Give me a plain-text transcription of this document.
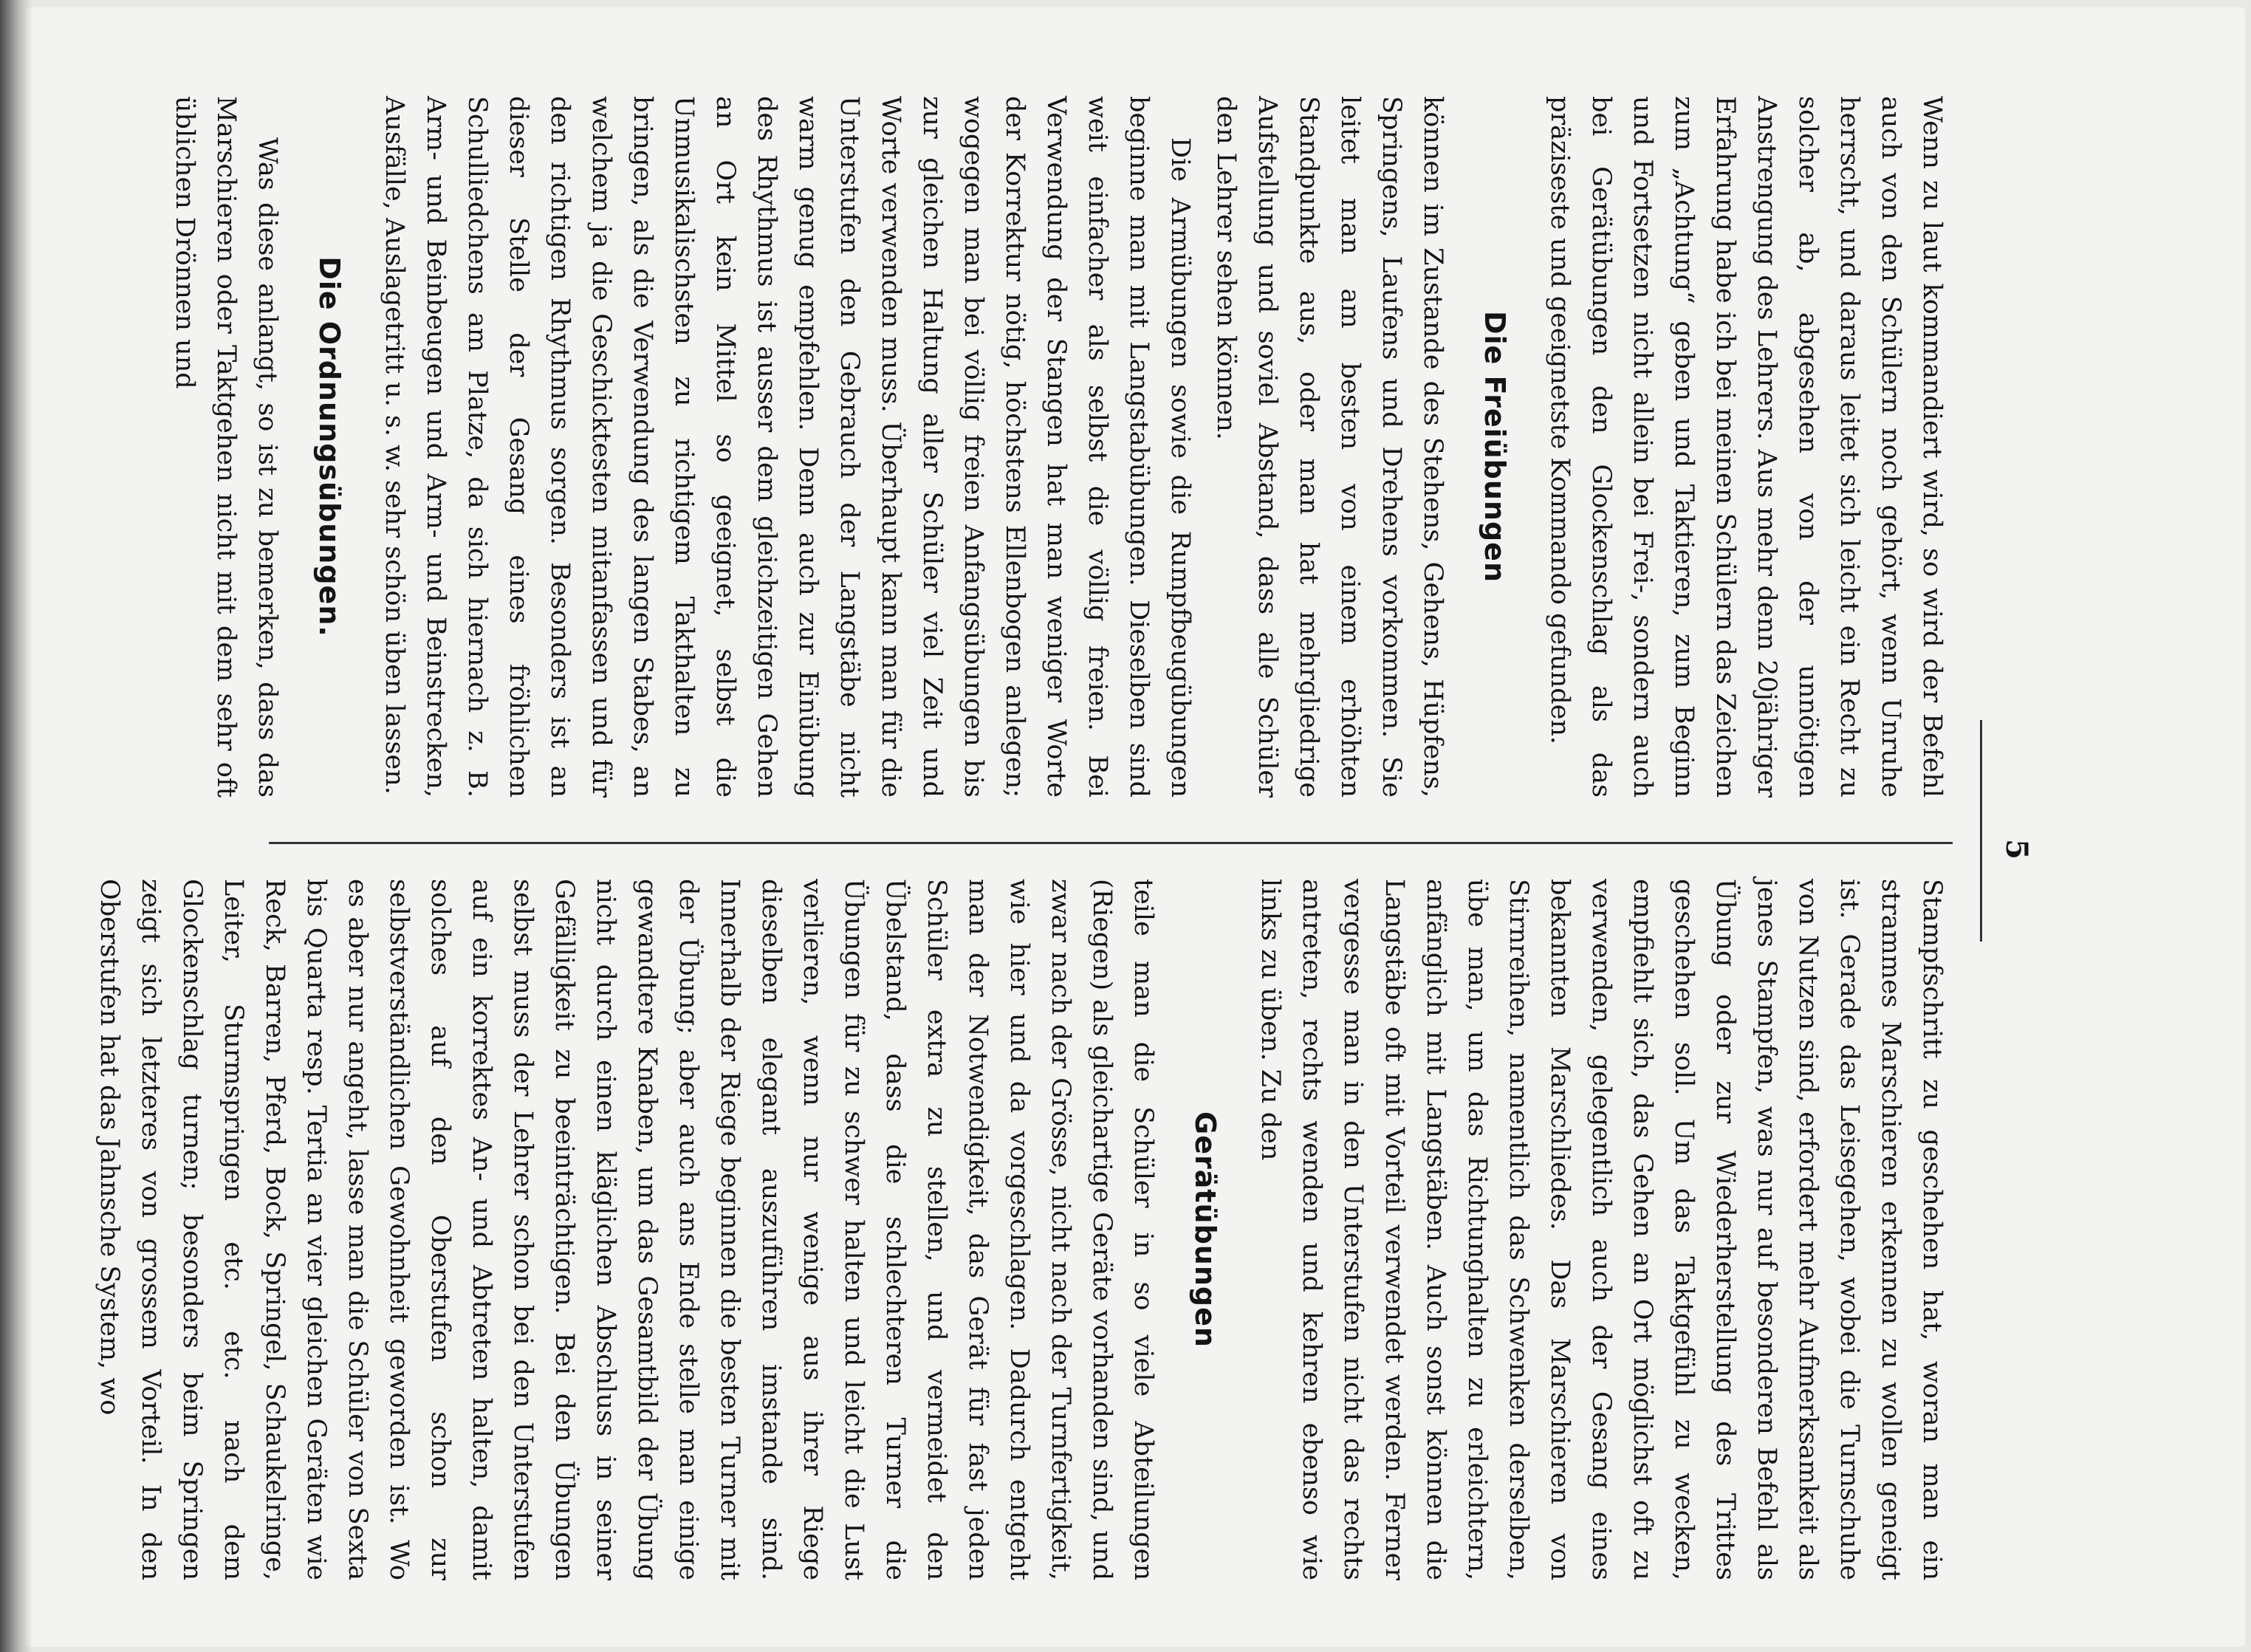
5

Wenn zu laut kommandiert wird, so wird der Befehl auch von den Schülern noch gehört, wenn Unruhe herrscht, und daraus leitet sich leicht ein Recht zu solcher ab, abgesehen von der unnötigen Anstrengung des Lehrers. Aus mehr denn 20jähriger Erfahrung habe ich bei meinen Schülern das Zeichen zum „Achtung“ geben und Taktieren, zum Beginn und Fortsetzen nicht allein bei Frei-, sondern auch bei Gerätübungen den Glockenschlag als das präziseste und geeignetste Kommando gefunden.

Die Freiübungen

können im Zustande des Stehens, Gehens, Hüpfens, Springens, Laufens und Drehens vorkommen. Sie leitet man am besten von einem erhöhten Standpunkte aus, oder man hat mehrgliedrige Aufstellung und soviel Abstand, dass alle Schüler den Lehrer sehen können.

Die Armübungen sowie die Rumpfbeugübungen beginne man mit Langstabübungen. Dieselben sind weit einfacher als selbst die völlig freien. Bei Verwendung der Stangen hat man weniger Worte der Korrektur nötig, höchstens Ellenbogen anlegen; wogegen man bei völlig freien Anfangsübungen bis zur gleichen Haltung aller Schüler viel Zeit und Worte verwenden muss. Überhaupt kann man für die Unterstufen den Gebrauch der Langstäbe nicht warm genug empfehlen. Denn auch zur Einübung des Rhythmus ist ausser dem gleichzeitigen Gehen an Ort kein Mittel so geeignet, selbst die Unmusikalischsten zu richtigem Takthalten zu bringen, als die Verwendung des langen Stabes, an welchem ja die Geschicktesten mitanfassen und für den richtigen Rhythmus sorgen. Besonders ist an dieser Stelle der Gesang eines fröhlichen Schulliedchens am Platze, da sich hiernach z. B. Arm- und Beinbeugen und Arm- und Beinstrecken, Ausfälle, Auslagetritt u. s. w. sehr schön üben lassen.

Die Ordnungsübungen.

Was diese anlangt, so ist zu bemerken, dass das Marschieren oder Taktgehen nicht mit dem sehr oft üblichen Drönnen und

Stampfschritt zu geschehen hat, woran man ein strammes Marschieren erkennen zu wollen geneigt ist. Gerade das Leisegehen, wobei die Turnschuhe von Nutzen sind, erfordert mehr Aufmerksamkeit als jenes Stampfen, was nur auf besonderen Befehl als Übung oder zur Wiederherstellung des Trittes geschehen soll. Um das Taktgefühl zu wecken, empfiehlt sich, das Gehen an Ort möglichst oft zu verwenden, gelegentlich auch der Gesang eines bekannten Marschliedes. Das Marschieren von Stirnreihen, namentlich das Schwenken derselben, übe man, um das Richtunghalten zu erleichtern, anfänglich mit Langstäben. Auch sonst können die Langstäbe oft mit Vorteil verwendet werden. Ferner vergesse man in den Unterstufen nicht das rechts antreten, rechts wenden und kehren ebenso wie links zu üben. Zu den

Gerätübungen

teile man die Schüler in so viele Abteilungen (Riegen) als gleichartige Geräte vorhanden sind, und zwar nach der Grösse, nicht nach der Turnfertigkeit, wie hier und da vorgeschlagen. Dadurch entgeht man der Notwendigkeit, das Gerät für fast jeden Schüler extra zu stellen, und vermeidet den Übelstand, dass die schlechteren Turner die Übungen für zu schwer halten und leicht die Lust verlieren, wenn nur wenige aus ihrer Riege dieselben elegant auszuführen imstande sind. Innerhalb der Riege beginnen die besten Turner mit der Übung; aber auch ans Ende stelle man einige gewandtere Knaben, um das Gesamtbild der Übung nicht durch einen kläglichen Abschluss in seiner Gefälligkeit zu beeinträchtigen. Bei den Übungen selbst muss der Lehrer schon bei den Unterstufen auf ein korrektes An- und Abtreten halten, damit solches auf den Oberstufen schon zur selbstverständlichen Gewohnheit geworden ist. Wo es aber nur angeht, lasse man die Schüler von Sexta bis Quarta resp. Tertia an vier gleichen Geräten wie Reck, Barren, Pferd, Bock, Springel, Schaukelringe, Leiter, Sturmspringen etc. etc. nach dem Glockenschlag turnen; besonders beim Springen zeigt sich letzteres von grossem Vorteil. In den Oberstufen hat das Jahnsche System, wo
